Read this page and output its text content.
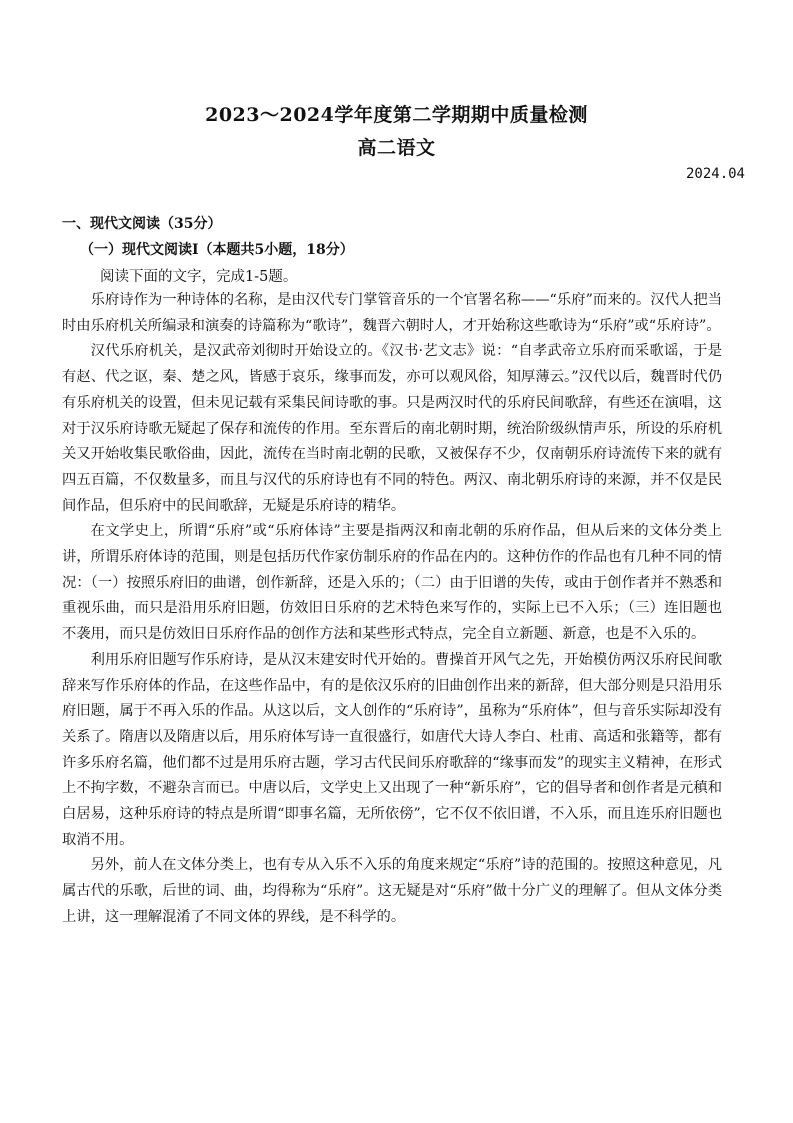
2023～2024学年度第二学期期中质量检测
高二语文
2024.04
一、现代文阅读（35分）
（一）现代文阅读Ⅰ（本题共5小题，18分）
阅读下面的文字，完成1-5题。

乐府诗作为一种诗体的名称，是由汉代专门掌管音乐的一个官署名称——“乐府”而来的。汉代人把当时由乐府机关所编录和演奏的诗篇称为“歌诗”，魏晋六朝时人，才开始称这些歌诗为“乐府”或“乐府诗”。

汉代乐府机关，是汉武帝刘彻时开始设立的。《汉书·艺文志》说：“自孝武帝立乐府而采歌谣，于是有赵、代之讴，秦、楚之风，皆感于哀乐，缘事而发，亦可以观风俗，知厚薄云。”汉代以后，魏晋时代仍有乐府机关的设置，但未见记载有采集民间诗歌的事。只是两汉时代的乐府民间歌辞，有些还在演唱，这对于汉乐府诗歌无疑起了保存和流传的作用。至东晋后的南北朝时期，统治阶级纵情声乐，所设的乐府机关又开始收集民歌俗曲，因此，流传在当时南北朝的民歌，又被保存不少，仅南朝乐府诗流传下来的就有四五百篇，不仅数量多，而且与汉代的乐府诗也有不同的特色。两汉、南北朝乐府诗的来源，并不仅是民间作品，但乐府中的民间歌辞，无疑是乐府诗的精华。

在文学史上，所谓“乐府”或“乐府体诗”主要是指两汉和南北朝的乐府作品，但从后来的文体分类上讲，所谓乐府体诗的范围，则是包括历代作家仿制乐府的作品在内的。这种仿作的作品也有几种不同的情况：（一）按照乐府旧的曲谱，创作新辞，还是入乐的；（二）由于旧谱的失传，或由于创作者并不熟悉和重视乐曲，而只是沿用乐府旧题，仿效旧日乐府的艺术特色来写作的，实际上已不入乐；（三）连旧题也不袭用，而只是仿效旧日乐府作品的创作方法和某些形式特点，完全自立新题、新意，也是不入乐的。

利用乐府旧题写作乐府诗，是从汉末建安时代开始的。曹操首开风气之先，开始模仿两汉乐府民间歌辞来写作乐府体的作品，在这些作品中，有的是依汉乐府的旧曲创作出来的新辞，但大部分则是只沿用乐府旧题，属于不再入乐的作品。从这以后，文人创作的“乐府诗”，虽称为“乐府体”，但与音乐实际却没有关系了。隋唐以及隋唐以后，用乐府体写诗一直很盛行，如唐代大诗人李白、杜甫、高适和张籍等，都有许多乐府名篇，他们都不过是用乐府古题，学习古代民间乐府歌辞的“缘事而发”的现实主义精神，在形式上不拘字数，不避杂言而已。中唐以后，文学史上又出现了一种“新乐府”，它的倡导者和创作者是元稹和白居易，这种乐府诗的特点是所谓“即事名篇，无所依傍”，它不仅不依旧谱，不入乐，而且连乐府旧题也取消不用。

另外，前人在文体分类上，也有专从入乐不入乐的角度来规定“乐府”诗的范围的。按照这种意见，凡属古代的乐歌，后世的词、曲，均得称为“乐府”。这无疑是对“乐府”做十分广义的理解了。但从文体分类上讲，这一理解混淆了不同文体的界线，是不科学的。
